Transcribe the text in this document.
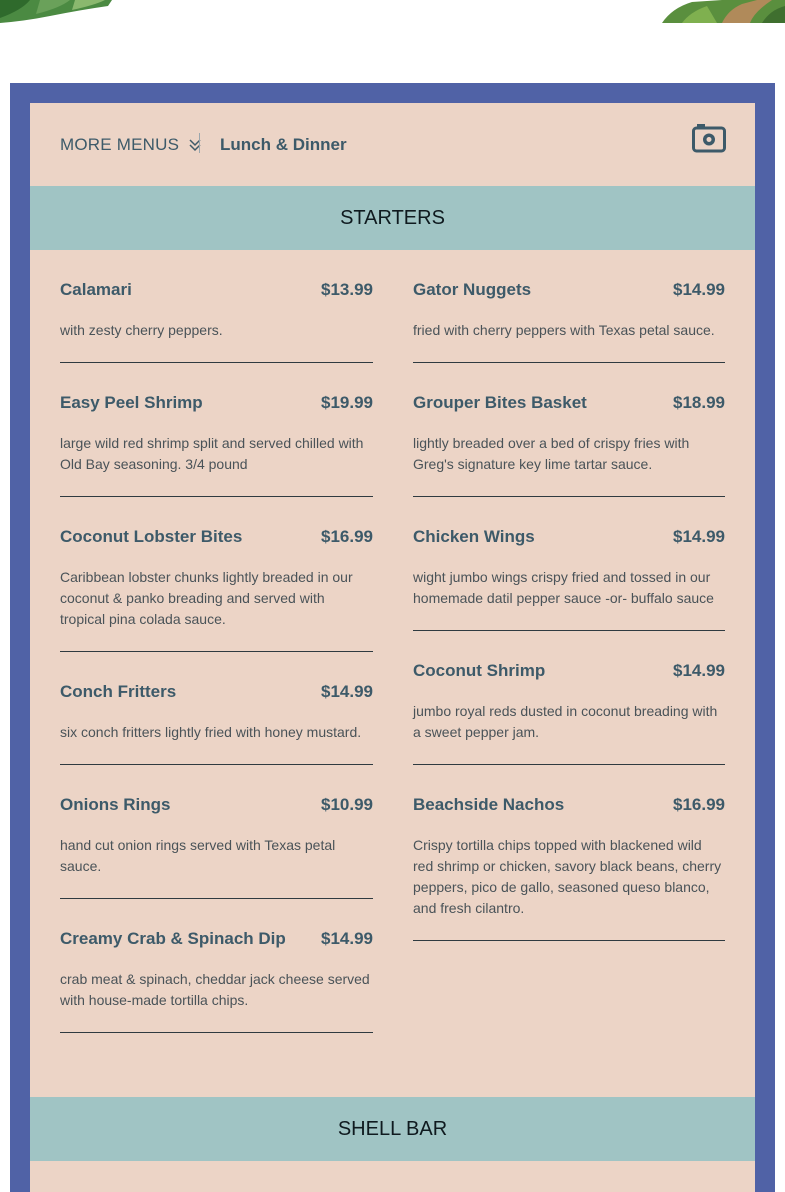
MORE MENUS Lunch & Dinner
STARTERS
Calamari	$13.99
with zesty cherry peppers.
Easy Peel Shrimp	$19.99
large wild red shrimp split and served chilled with Old Bay seasoning. 3/4 pound
Coconut Lobster Bites	$16.99
Caribbean lobster chunks lightly breaded in our coconut & panko breading and served with tropical pina colada sauce.
Conch Fritters	$14.99
six conch fritters lightly fried with honey mustard.
Onions Rings	$10.99
hand cut onion rings served with Texas petal sauce.
Creamy Crab & Spinach Dip $14.99
crab meat & spinach, cheddar jack cheese served with house-made tortilla chips.
Gator Nuggets	$14.99
fried with cherry peppers with Texas petal sauce.
Grouper Bites Basket	$18.99
lightly breaded over a bed of crispy fries with Greg's signature key lime tartar sauce.
Chicken Wings	$14.99
wight jumbo wings crispy fried and tossed in our homemade datil pepper sauce -or- buffalo sauce
Coconut Shrimp	$14.99
jumbo royal reds dusted in coconut breading with a sweet pepper jam.
Beachside Nachos	$16.99
Crispy tortilla chips topped with blackened wild red shrimp or chicken, savory black beans, cherry peppers, pico de gallo, seasoned queso blanco, and fresh cilantro.
SHELL BAR
